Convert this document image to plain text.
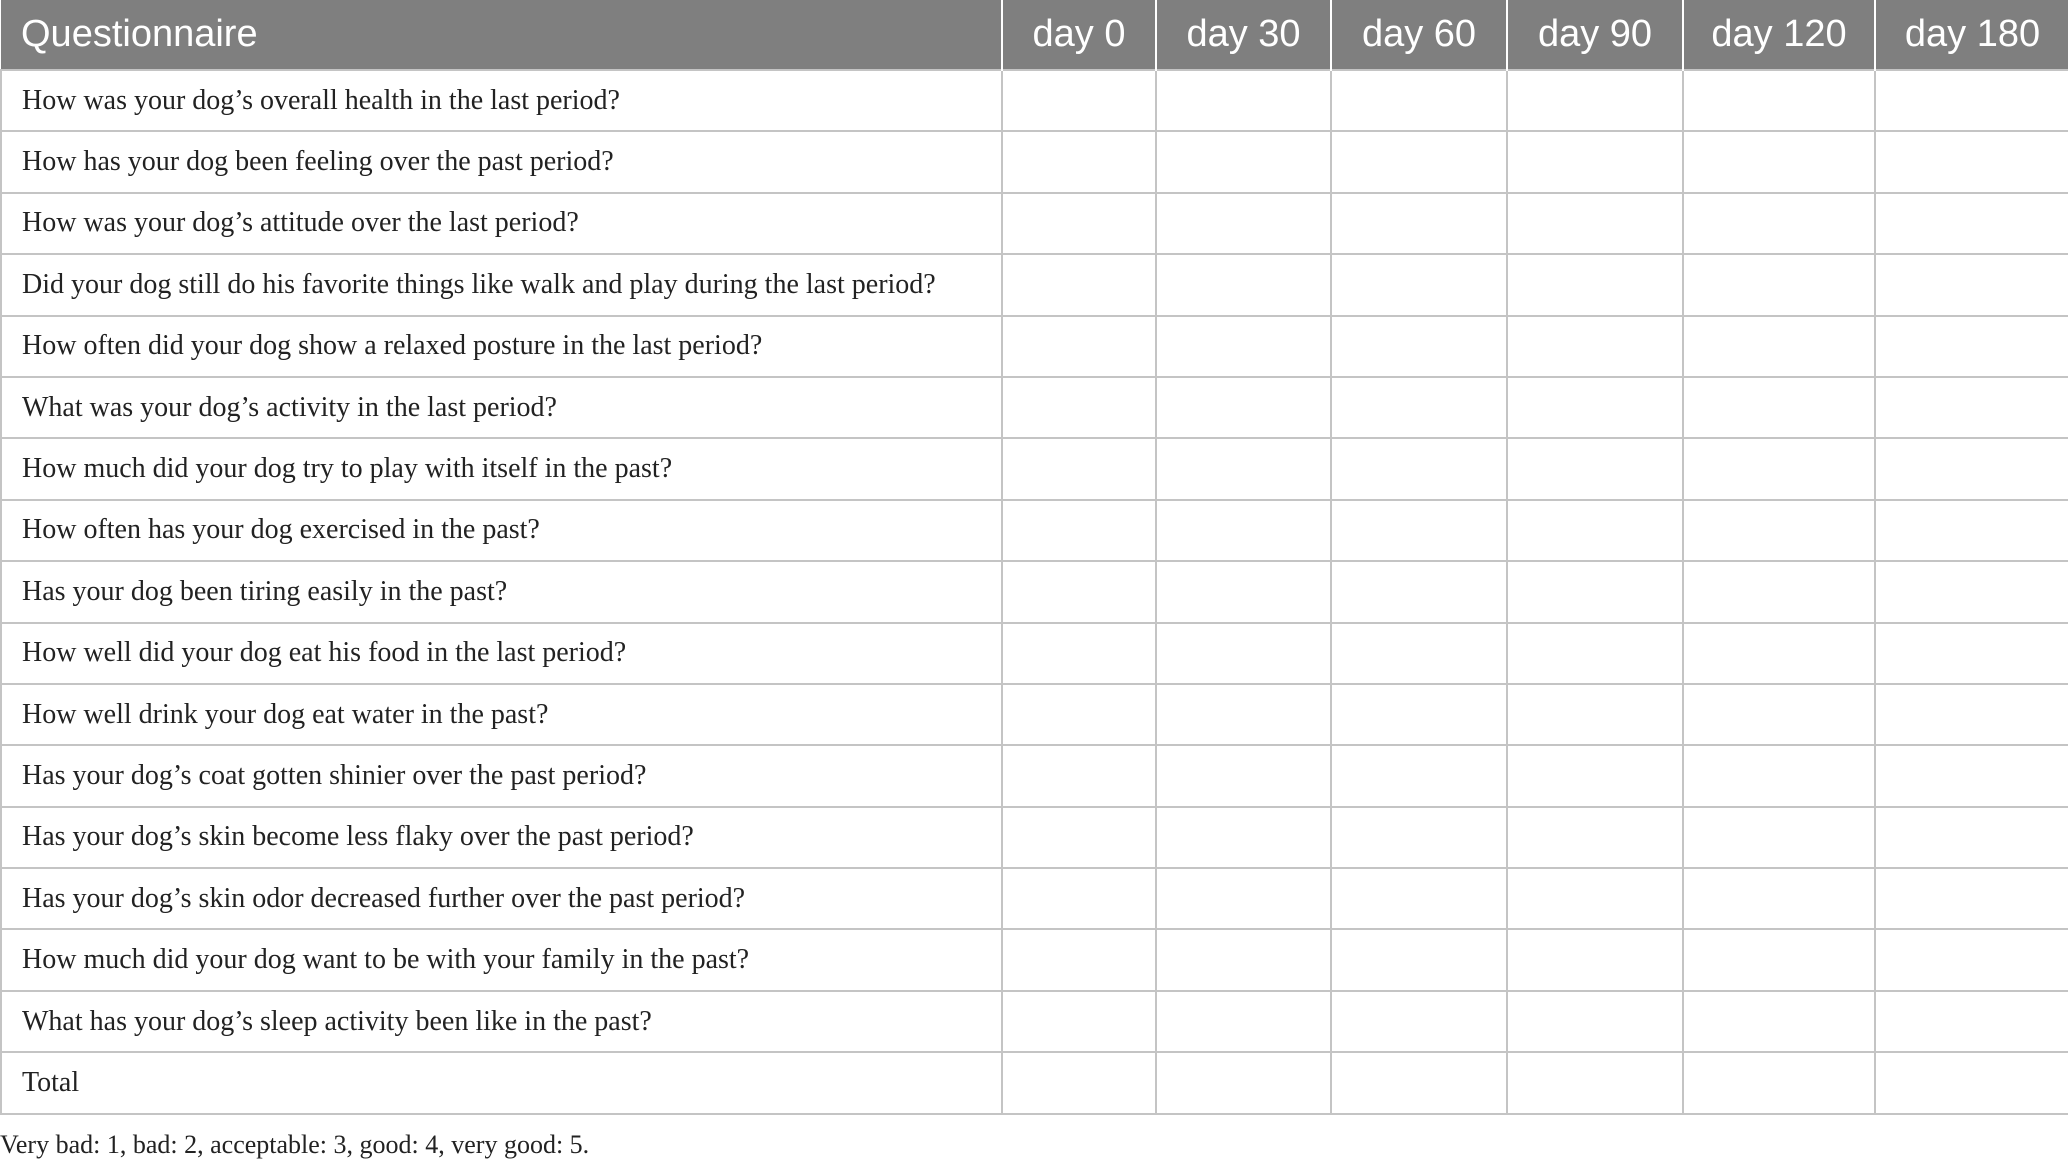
Questionnaire	day 0	day 30	day 60	day 90	day 120	day 180
How was your dog’s overall health in the last period?						
How has your dog been feeling over the past period?						
How was your dog’s attitude over the last period?						
Did your dog still do his favorite things like walk and play during the last period?						
How often did your dog show a relaxed posture in the last period?						
What was your dog’s activity in the last period?						
How much did your dog try to play with itself in the past?						
How often has your dog exercised in the past?						
Has your dog been tiring easily in the past?						
How well did your dog eat his food in the last period?						
How well drink your dog eat water in the past?						
Has your dog’s coat gotten shinier over the past period?						
Has your dog’s skin become less flaky over the past period?						
Has your dog’s skin odor decreased further over the past period?						
How much did your dog want to be with your family in the past?						
What has your dog’s sleep activity been like in the past?						
Total						
Very bad: 1, bad: 2, acceptable: 3, good: 4, very good: 5.
